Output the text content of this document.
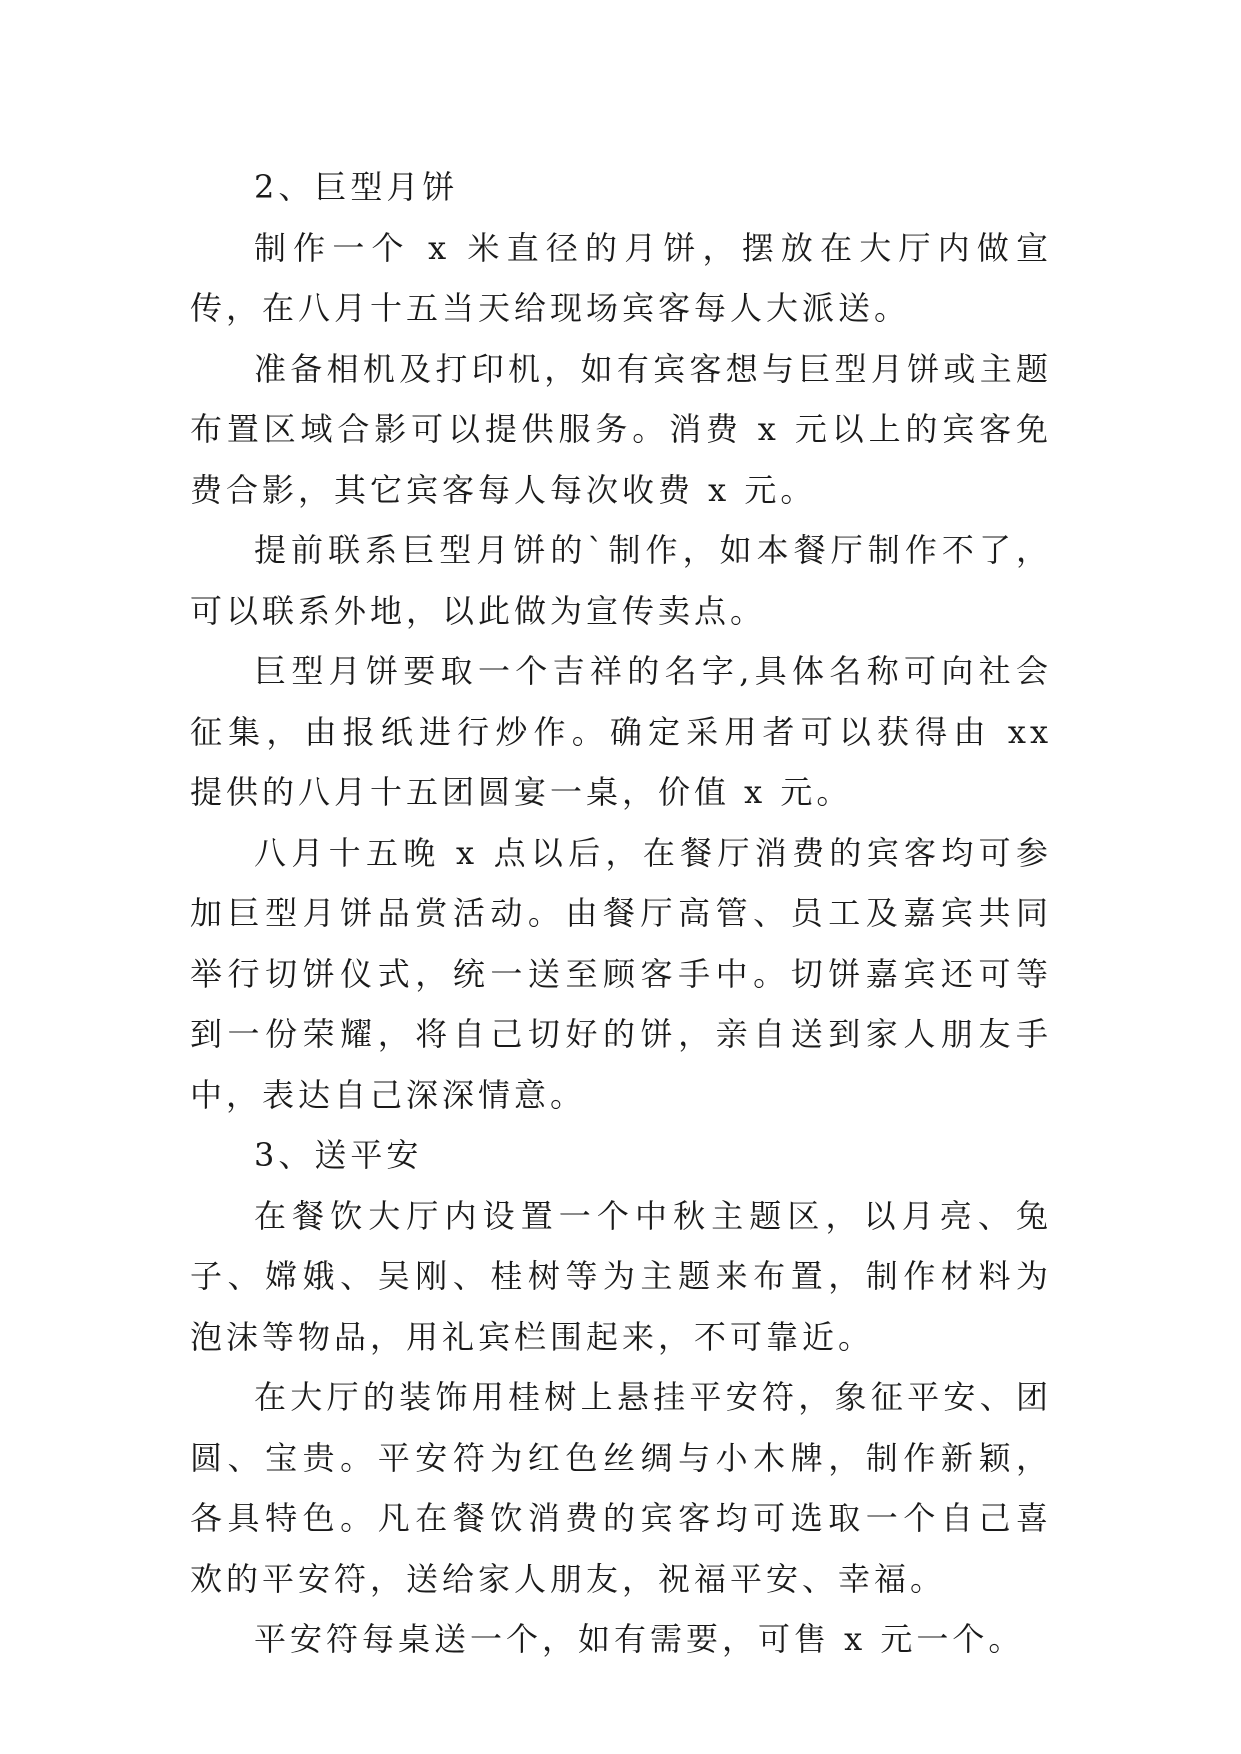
2、巨型月饼

制作一个 x 米直径的月饼，摆放在大厅内做宣传，在八月十五当天给现场宾客每人大派送。

准备相机及打印机，如有宾客想与巨型月饼或主题布置区域合影可以提供服务。消费 x 元以上的宾客免费合影，其它宾客每人每次收费 x 元。

提前联系巨型月饼的`制作，如本餐厅制作不了，可以联系外地，以此做为宣传卖点。

巨型月饼要取一个吉祥的名字,具体名称可向社会征集，由报纸进行炒作。确定采用者可以获得由 xx 提供的八月十五团圆宴一桌，价值 x 元。

八月十五晚 x 点以后，在餐厅消费的宾客均可参加巨型月饼品赏活动。由餐厅高管、员工及嘉宾共同举行切饼仪式，统一送至顾客手中。切饼嘉宾还可等到一份荣耀，将自己切好的饼，亲自送到家人朋友手中，表达自己深深情意。

3、送平安

在餐饮大厅内设置一个中秋主题区，以月亮、兔子、嫦娥、吴刚、桂树等为主题来布置，制作材料为泡沫等物品，用礼宾栏围起来，不可靠近。

在大厅的装饰用桂树上悬挂平安符，象征平安、团圆、宝贵。平安符为红色丝绸与小木牌，制作新颖，各具特色。凡在餐饮消费的宾客均可选取一个自己喜欢的平安符，送给家人朋友，祝福平安、幸福。

平安符每桌送一个，如有需要，可售 x 元一个。
